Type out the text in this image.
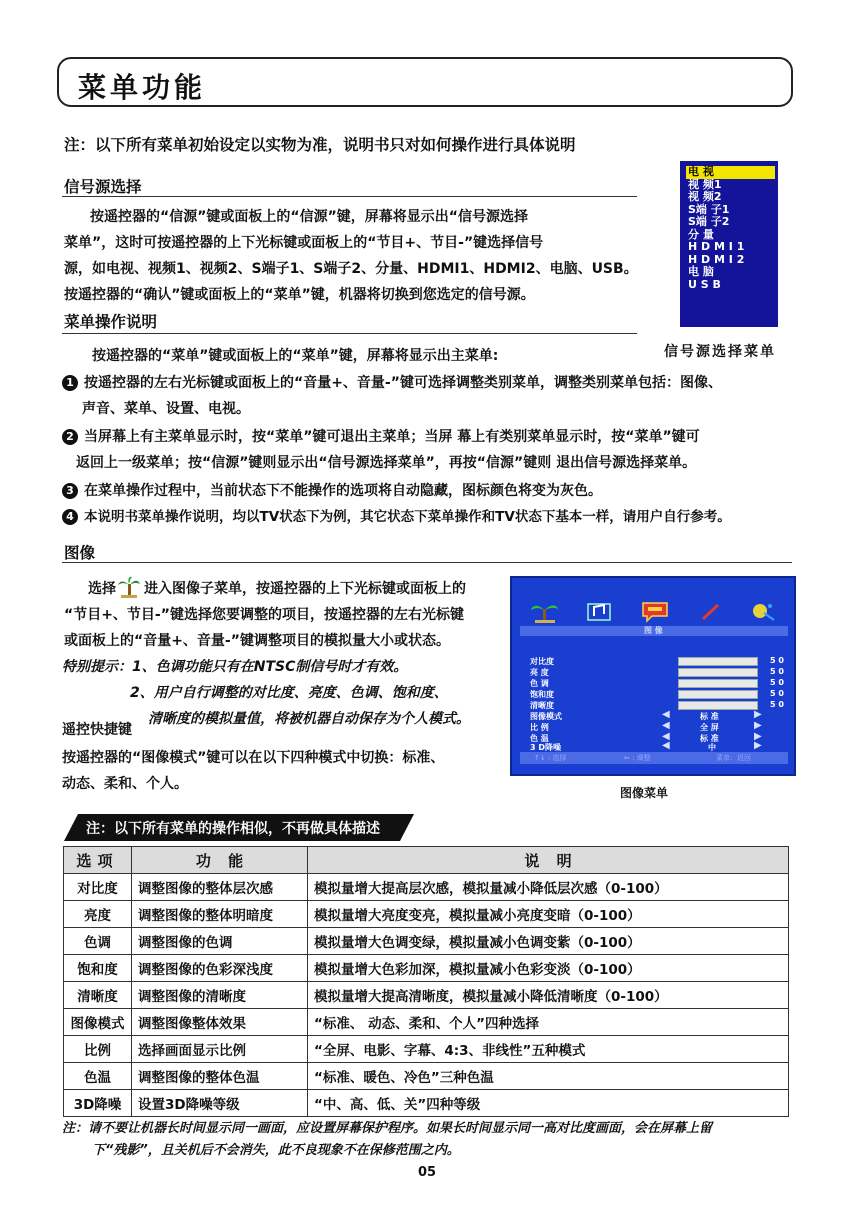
菜单功能
注：以下所有菜单初始设定以实物为准，说明书只对如何操作进行具体说明
信号源选择
按遥控器的“信源”键或面板上的“信源”键，屏幕将显示出“信号源选择
菜单”，这时可按遥控器的上下光标键或面板上的“节目+、节目-”键选择信号
源，如电视、视频1、视频2、S端子1、S端子2、分量、HDMI1、HDMI2、电脑、USB。
按遥控器的“确认”键或面板上的“菜单”键，机器将切换到您选定的信号源。
电 视
视 频1
视 频2
S端 子1
S端 子2
分 量
H D M I 1
H D M I 2
电 脑
U S B
信号源选择菜单
菜单操作说明
按遥控器的“菜单”键或面板上的“菜单”键，屏幕将显示出主菜单:
1 按遥控器的左右光标键或面板上的“音量+、音量-”键可选择调整类别菜单，调整类别菜单包括：图像、
声音、菜单、设置、电视。
2 当屏幕上有主菜单显示时，按“菜单”键可退出主菜单；当屏 幕上有类别菜单显示时，按“菜单”键可
返回上一级菜单；按“信源”键则显示出“信号源选择菜单”，再按“信源”键则 退出信号源选择菜单。
3 在菜单操作过程中，当前状态下不能操作的选项将自动隐藏，图标颜色将变为灰色。
4 本说明书菜单操作说明，均以TV状态下为例，其它状态下菜单操作和TV状态下基本一样，请用户自行参考。
图像
选择 进入图像子菜单，按遥控器的上下光标键或面板上的
“节目+、节目-”键选择您要调整的项目，按遥控器的左右光标键
或面板上的“音量+、音量-”键调整项目的模拟量大小或状态。
特别提示：1、色调功能只有在NTSC制信号时才有效。
2、用户自行调整的对比度、亮度、色调、饱和度、
清晰度的模拟量值，将被机器自动保存为个人模式。
遥控快捷键
按遥控器的“图像模式”键可以在以下四种模式中切换：标准、
动态、柔和、个人。
图 像
对比度	5 0
亮 度	5 0
色 调	5 0
饱和度	5 0
清晰度	5 0
图像模式	◀	标 准	▶
比 例	◀	全 屏	▶
色 温	◀	标 准	▶
3 D降噪	◀	中	▶
↑↓ : 选择	⇐ : 调整	菜单：返回
图像菜单
注：以下所有菜单的操作相似，不再做具体描述
选项	功 能	说 明
对比度	调整图像的整体层次感	模拟量增大提高层次感，模拟量减小降低层次感（0-100）
亮度	调整图像的整体明暗度	模拟量增大亮度变亮，模拟量减小亮度变暗（0-100）
色调	调整图像的色调	模拟量增大色调变绿，模拟量减小色调变紫（0-100）
饱和度	调整图像的色彩深浅度	模拟量增大色彩加深，模拟量减小色彩变淡（0-100）
清晰度	调整图像的清晰度	模拟量增大提高清晰度，模拟量减小降低清晰度（0-100）
图像模式	调整图像整体效果	“标准、 动态、柔和、个人”四种选择
比例	选择画面显示比例	“全屏、电影、字幕、4:3、非线性”五种模式
色温	调整图像的整体色温	“标准、暖色、冷色”三种色温
3D降噪	设置3D降噪等级	“中、高、低、关”四种等级
注：请不要让机器长时间显示同一画面，应设置屏幕保护程序。如果长时间显示同一高对比度画面，会在屏幕上留
下“残影”，且关机后不会消失，此不良现象不在保修范围之内。
05
